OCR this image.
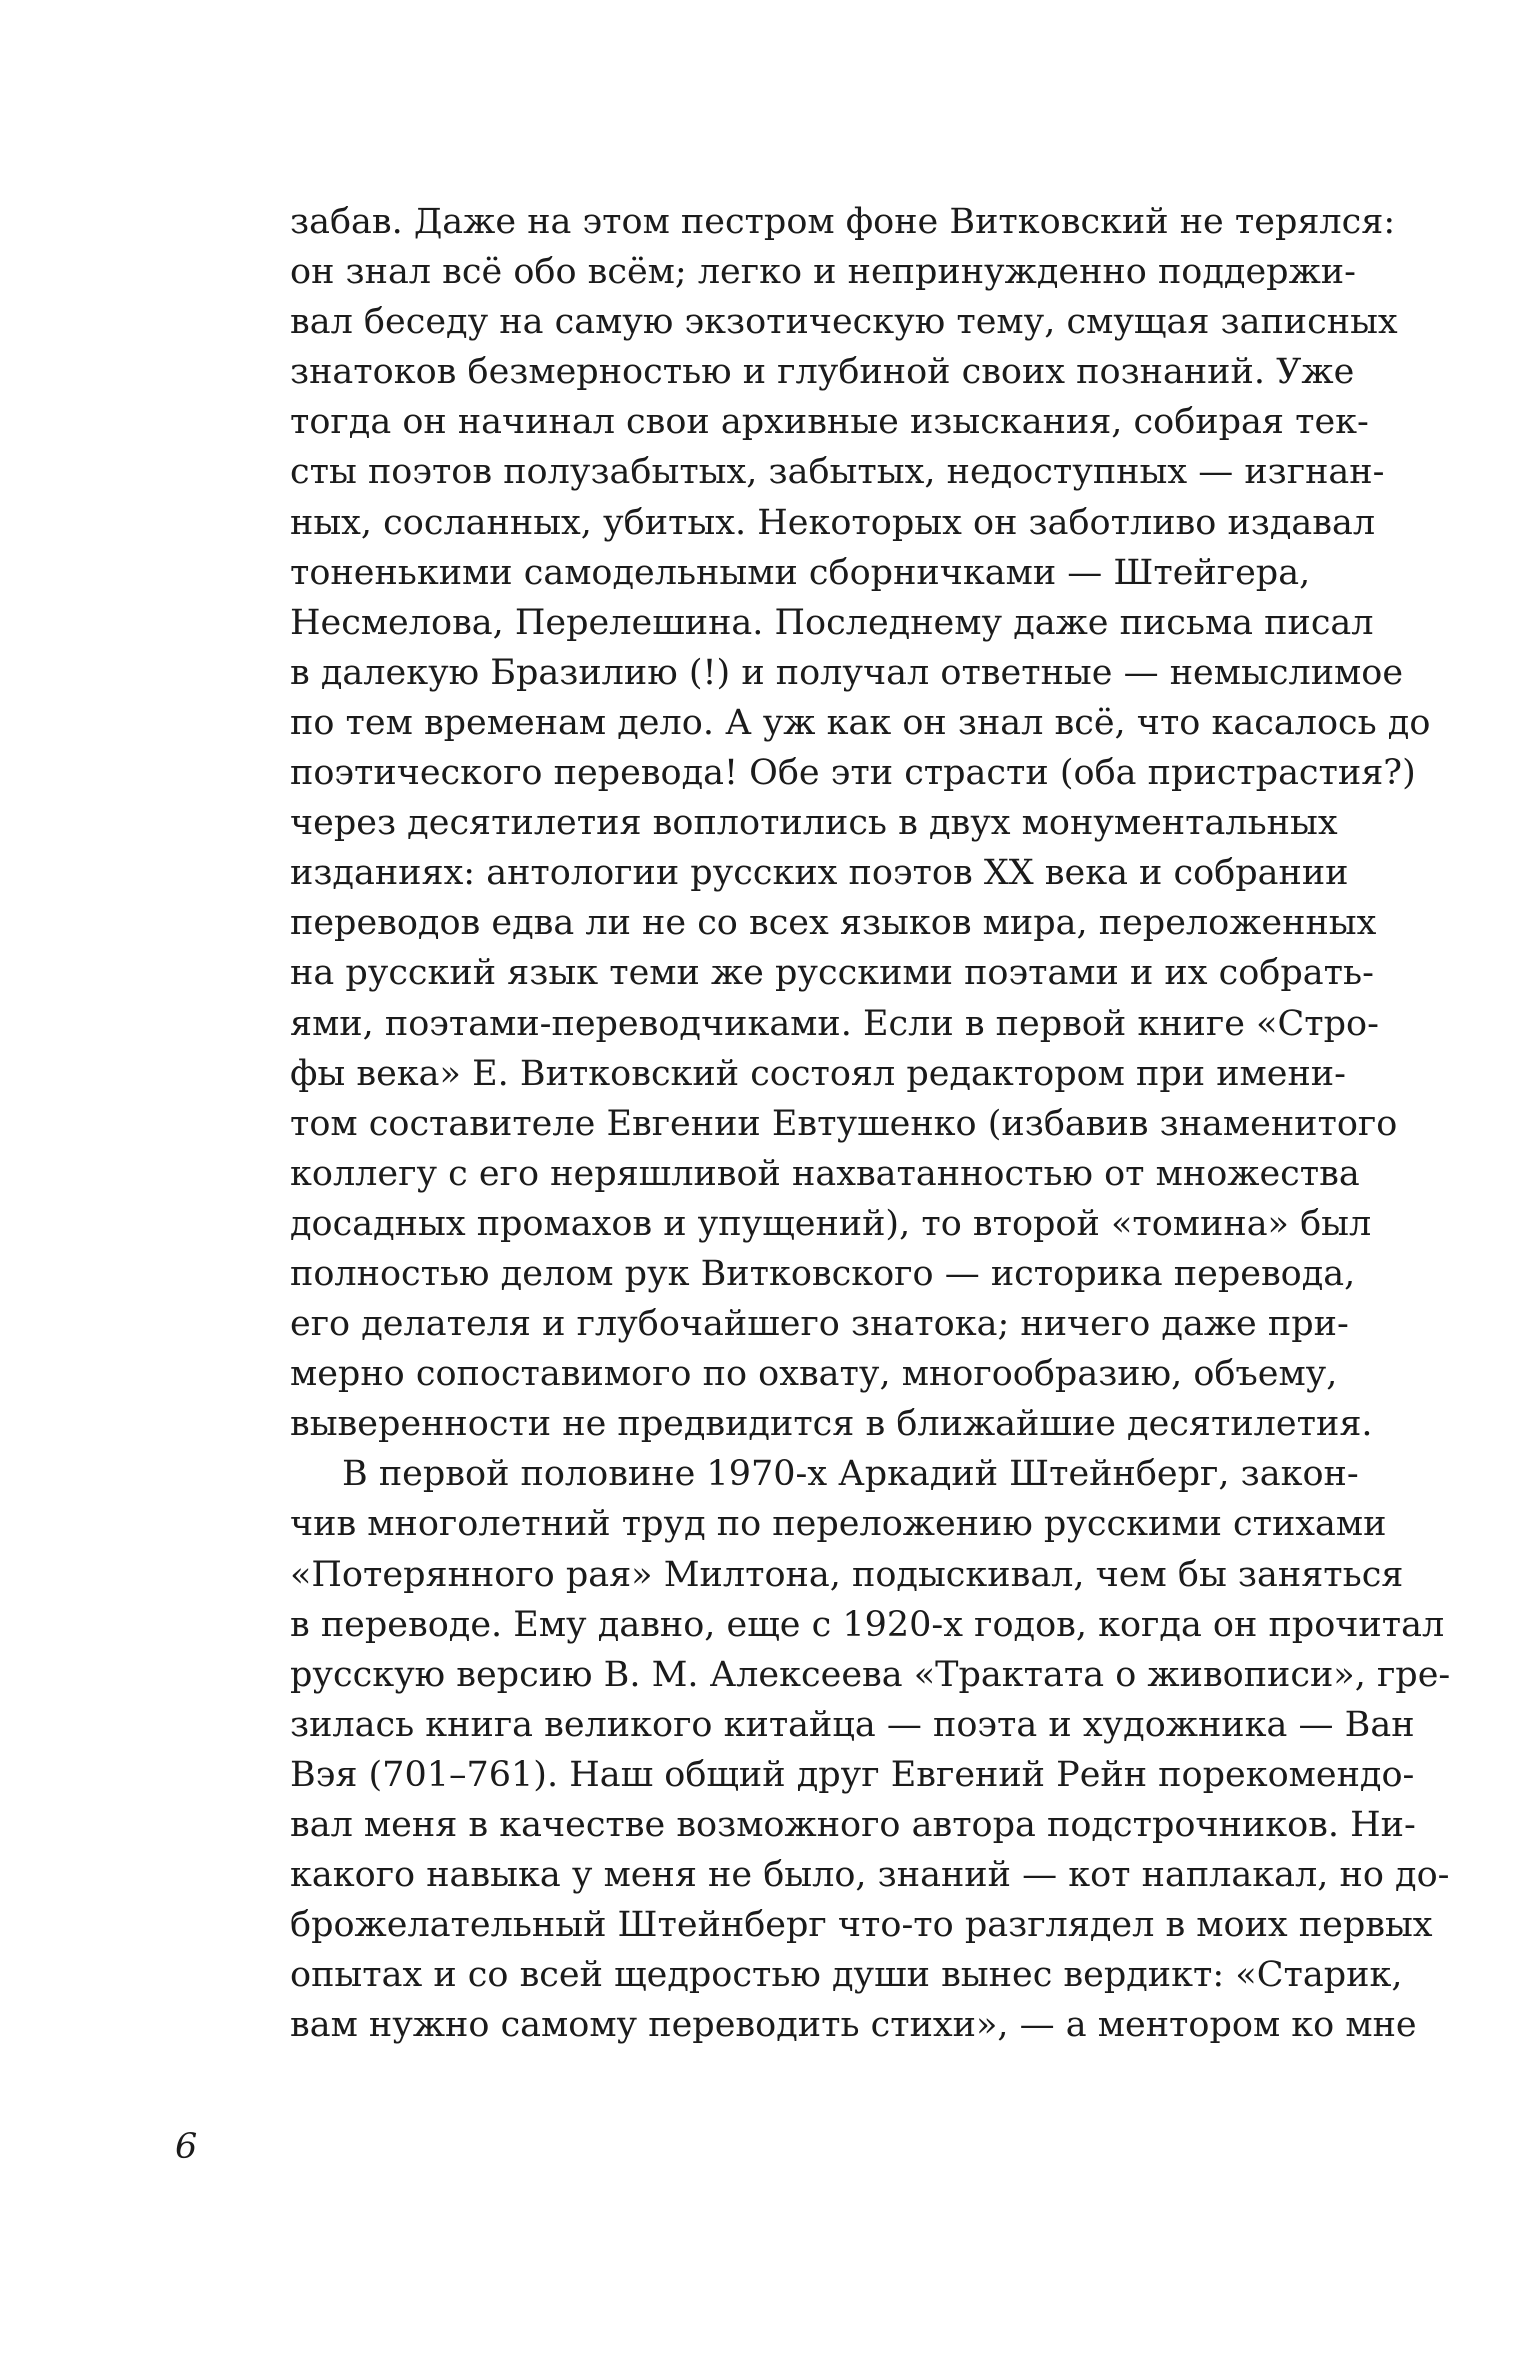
забав. Даже на этом пестром фоне Витковский не терялся:
он знал всё обо всём; легко и непринужденно поддержи-
вал беседу на самую экзотическую тему, смущая записных
знатоков безмерностью и глубиной своих познаний. Уже
тогда он начинал свои архивные изыскания, собирая тек-
сты поэтов полузабытых, забытых, недоступных — изгнан-
ных, сосланных, убитых. Некоторых он заботливо издавал
тоненькими самодельными сборничками — Штейгера,
Несмелова, Перелешина. Последнему даже письма писал
в далекую Бразилию (!) и получал ответные — немыслимое
по тем временам дело. А уж как он знал всё, что касалось до
поэтического перевода! Обе эти страсти (оба пристрастия?)
через десятилетия воплотились в двух монументальных
изданиях: антологии русских поэтов XX века и собрании
переводов едва ли не со всех языков мира, переложенных
на русский язык теми же русскими поэтами и их собрать-
ями, поэтами-переводчиками. Если в первой книге «Стро-
фы века» Е. Витковский состоял редактором при имени-
том составителе Евгении Евтушенко (избавив знаменитого
коллегу с его неряшливой нахватанностью от множества
досадных промахов и упущений), то второй «томина» был
полностью делом рук Витковского — историка перевода,
его делателя и глубочайшего знатока; ничего даже при-
мерно сопоставимого по охвату, многообразию, объему,
выверенности не предвидится в ближайшие десятилетия.
В первой половине 1970-х Аркадий Штейнберг, закон-
чив многолетний труд по переложению русскими стихами
«Потерянного рая» Милтона, подыскивал, чем бы заняться
в переводе. Ему давно, еще с 1920-х годов, когда он прочитал
русскую версию В. М. Алексеева «Трактата о живописи», гре-
зилась книга великого китайца — поэта и художника — Ван
Вэя (701–761). Наш общий друг Евгений Рейн порекомендо-
вал меня в качестве возможного автора подстрочников. Ни-
какого навыка у меня не было, знаний — кот наплакал, но до-
брожелательный Штейнберг что-то разглядел в моих первых
опытах и со всей щедростью души вынес вердикт: «Старик,
вам нужно самому переводить стихи», — а ментором ко мне
6
